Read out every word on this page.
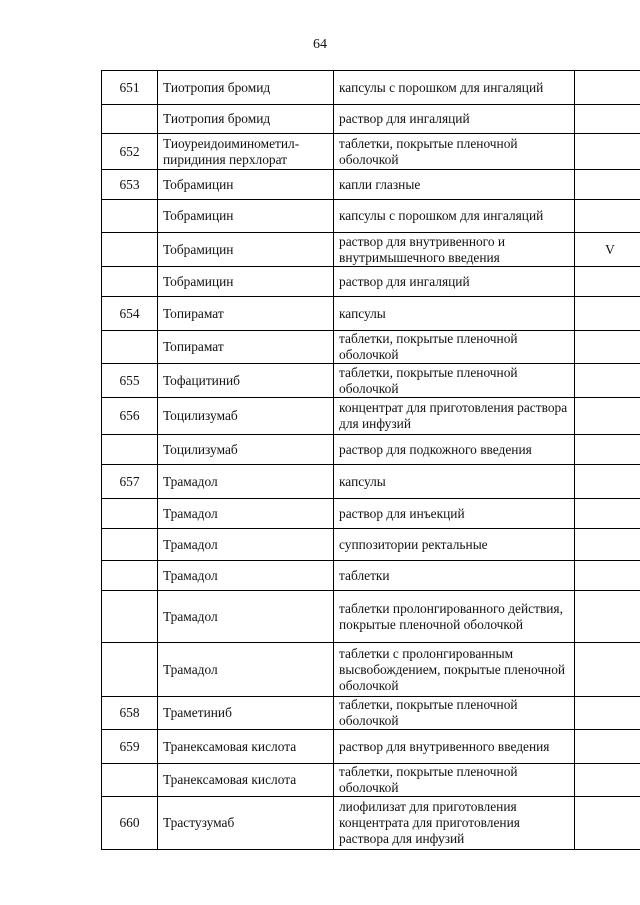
64
651	Тиотропия бромид	капсулы с порошком для ингаляций	
	Тиотропия бромид	раствор для ингаляций	
652	Тиоуреидоиминометил-пиридиния перхлорат	таблетки, покрытые пленочной оболочкой	
653	Тобрамицин	капли глазные	
	Тобрамицин	капсулы с порошком для ингаляций	
	Тобрамицин	раствор для внутривенного и внутримышечного введения	V
	Тобрамицин	раствор для ингаляций	
654	Топирамат	капсулы	
	Топирамат	таблетки, покрытые пленочной оболочкой	
655	Тофацитиниб	таблетки, покрытые пленочной оболочкой	
656	Тоцилизумаб	концентрат для приготовления раствора для инфузий	
	Тоцилизумаб	раствор для подкожного введения	
657	Трамадол	капсулы	
	Трамадол	раствор для инъекций	
	Трамадол	суппозитории ректальные	
	Трамадол	таблетки	
	Трамадол	таблетки пролонгированного действия, покрытые пленочной оболочкой	
	Трамадол	таблетки с пролонгированным высвобождением, покрытые пленочной оболочкой	
658	Траметиниб	таблетки, покрытые пленочной оболочкой	
659	Транексамовая кислота	раствор для внутривенного введения	
	Транексамовая кислота	таблетки, покрытые пленочной оболочкой	
660	Трастузумаб	лиофилизат для приготовления концентрата для приготовления раствора для инфузий	
